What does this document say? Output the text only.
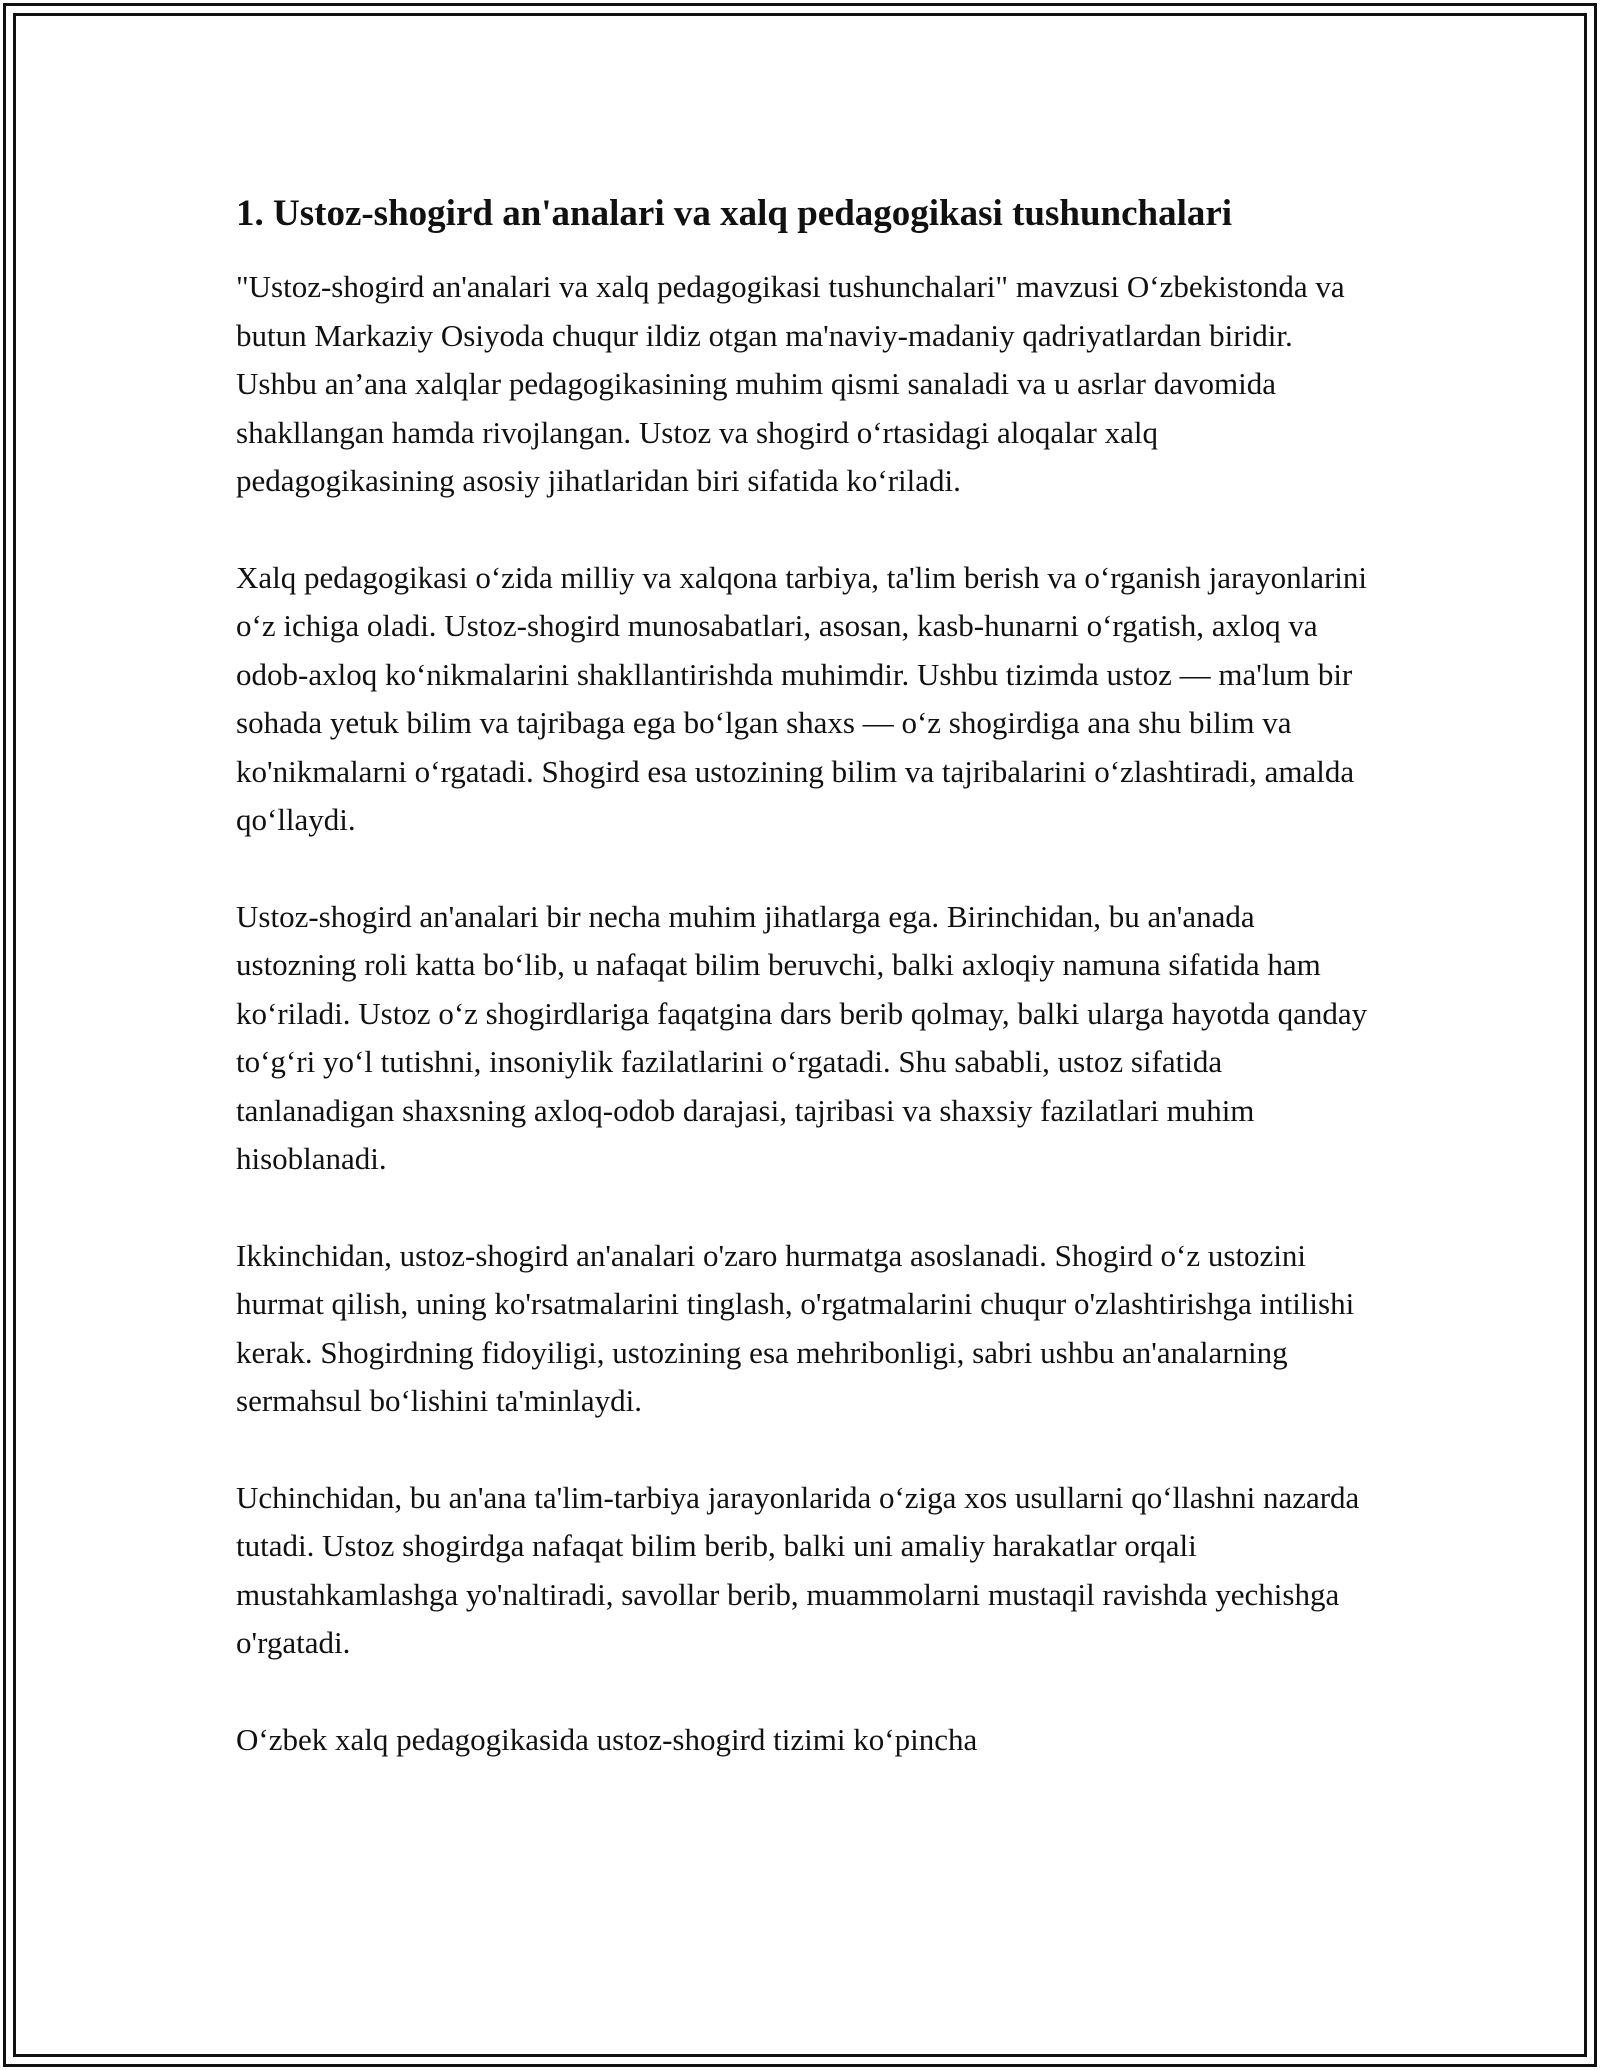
1. Ustoz-shogird an'analari va xalq pedagogikasi tushunchalari

"Ustoz-shogird an'analari va xalq pedagogikasi tushunchalari" mavzusi O‘zbekistonda va butun Markaziy Osiyoda chuqur ildiz otgan ma'naviy-madaniy qadriyatlardan biridir. Ushbu an’ana xalqlar pedagogikasining muhim qismi sanaladi va u asrlar davomida shakllangan hamda rivojlangan. Ustoz va shogird o‘rtasidagi aloqalar xalq pedagogikasining asosiy jihatlaridan biri sifatida ko‘riladi.

Xalq pedagogikasi o‘zida milliy va xalqona tarbiya, ta'lim berish va o‘rganish jarayonlarini o‘z ichiga oladi. Ustoz-shogird munosabatlari, asosan, kasb-hunarni o‘rgatish, axloq va odob-axloq ko‘nikmalarini shakllantirishda muhimdir. Ushbu tizimda ustoz — ma'lum bir sohada yetuk bilim va tajribaga ega bo‘lgan shaxs — o‘z shogirdiga ana shu bilim va ko'nikmalarni o‘rgatadi. Shogird esa ustozining bilim va tajribalarini o‘zlashtiradi, amalda qo‘llaydi.

Ustoz-shogird an'analari bir necha muhim jihatlarga ega. Birinchidan, bu an'anada ustozning roli katta bo‘lib, u nafaqat bilim beruvchi, balki axloqiy namuna sifatida ham ko‘riladi. Ustoz o‘z shogirdlariga faqatgina dars berib qolmay, balki ularga hayotda qanday to‘g‘ri yo‘l tutishni, insoniylik fazilatlarini o‘rgatadi. Shu sababli, ustoz sifatida tanlanadigan shaxsning axloq-odob darajasi, tajribasi va shaxsiy fazilatlari muhim hisoblanadi.

Ikkinchidan, ustoz-shogird an'analari o'zaro hurmatga asoslanadi. Shogird o‘z ustozini hurmat qilish, uning ko'rsatmalarini tinglash, o'rgatmalarini chuqur o'zlashtirishga intilishi kerak. Shogirdning fidoyiligi, ustozining esa mehribonligi, sabri ushbu an'analarning sermahsul bo‘lishini ta'minlaydi.

Uchinchidan, bu an'ana ta'lim-tarbiya jarayonlarida o‘ziga xos usullarni qo‘llashni nazarda tutadi. Ustoz shogirdga nafaqat bilim berib, balki uni amaliy harakatlar orqali mustahkamlashga yo'naltiradi, savollar berib, muammolarni mustaqil ravishda yechishga o'rgatadi.

O‘zbek xalq pedagogikasida ustoz-shogird tizimi ko‘pincha
